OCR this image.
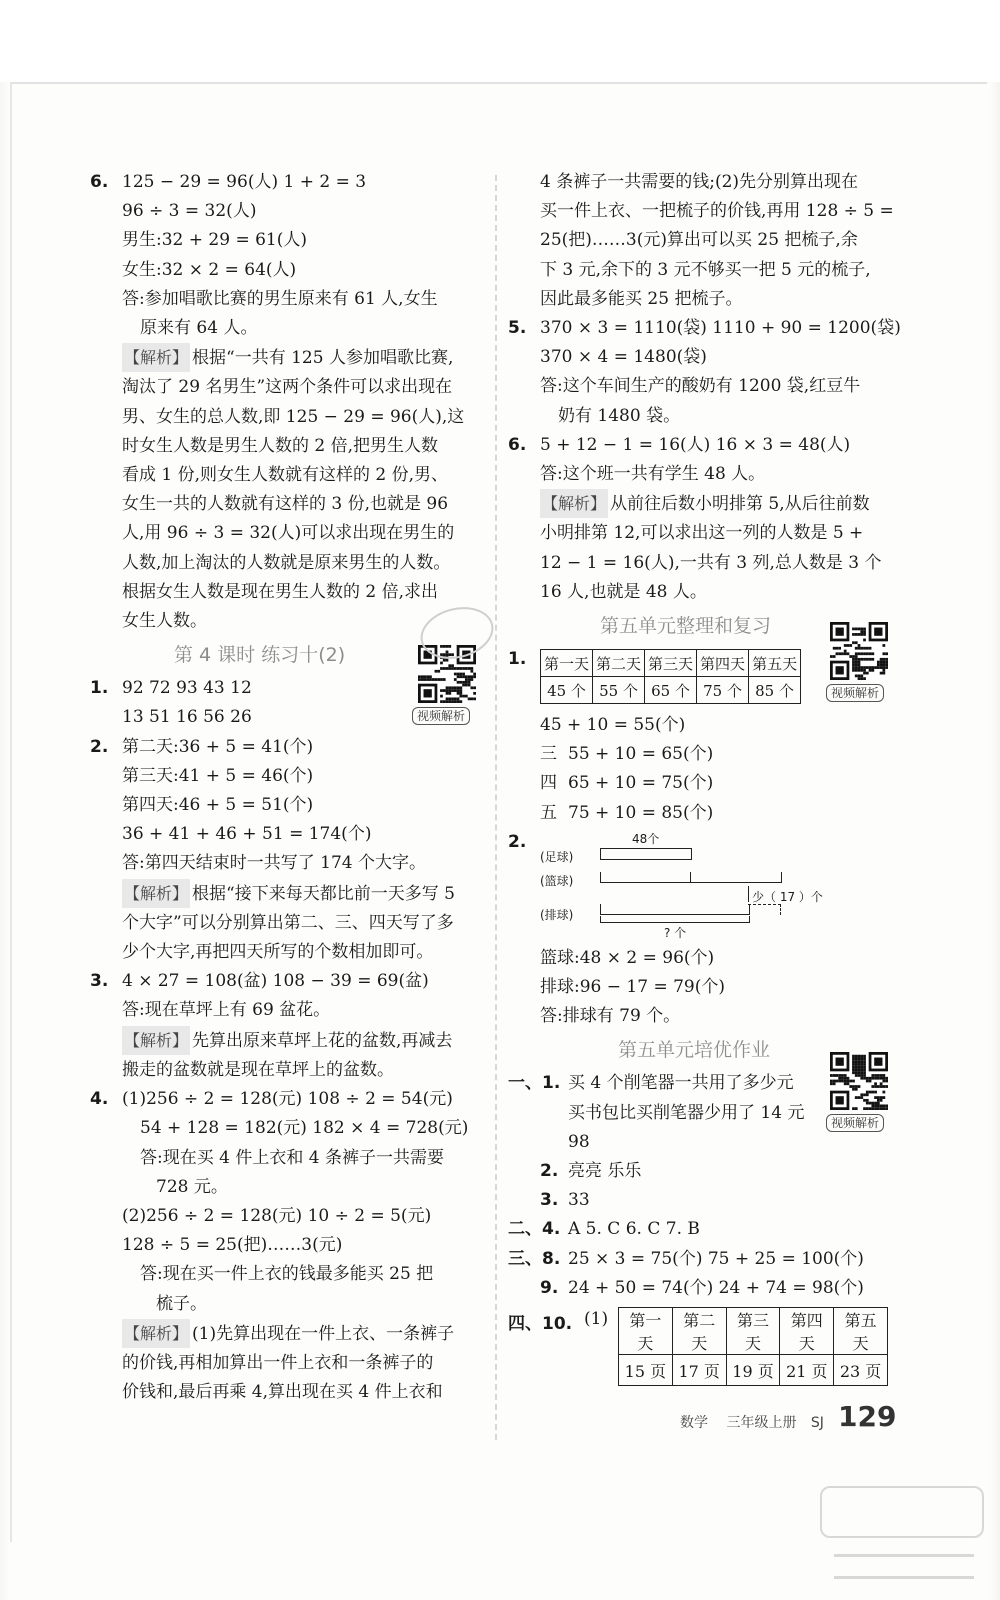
6. 125 − 29 = 96(人) 1 + 2 = 3
96 ÷ 3 = 32(人)
男生:32 + 29 = 61(人)
女生:32 × 2 = 64(人)
答:参加唱歌比赛的男生原来有 61 人,女生
原来有 64 人。
【解析】 根据“一共有 125 人参加唱歌比赛,
淘汰了 29 名男生”这两个条件可以求出现在
男、女生的总人数,即 125 − 29 = 96(人),这
时女生人数是男生人数的 2 倍,把男生人数
看成 1 份,则女生人数就有这样的 2 份,男、
女生一共的人数就有这样的 3 份,也就是 96
人,用 96 ÷ 3 = 32(人)可以求出现在男生的
人数,加上淘汰的人数就是原来男生的人数。
根据女生人数是现在男生人数的 2 倍,求出
女生人数。
第 4 课时 练习十(2)
1. 92 72 93 43 12
13 51 16 56 26
2. 第二天:36 + 5 = 41(个)
第三天:41 + 5 = 46(个)
第四天:46 + 5 = 51(个)
36 + 41 + 46 + 51 = 174(个)
答:第四天结束时一共写了 174 个大字。
【解析】 根据“接下来每天都比前一天多写 5
个大字”可以分别算出第二、三、四天写了多
少个大字,再把四天所写的个数相加即可。
3. 4 × 27 = 108(盆) 108 − 39 = 69(盆)
答:现在草坪上有 69 盆花。
【解析】 先算出原来草坪上花的盆数,再减去
搬走的盆数就是现在草坪上的盆数。
4. (1)256 ÷ 2 = 128(元) 108 ÷ 2 = 54(元)
54 + 128 = 182(元) 182 × 4 = 728(元)
答:现在买 4 件上衣和 4 条裤子一共需要
728 元。
(2)256 ÷ 2 = 128(元) 10 ÷ 2 = 5(元)
128 ÷ 5 = 25(把)……3(元)
答:现在买一件上衣的钱最多能买 25 把
梳子。
【解析】 (1)先算出现在一件上衣、一条裤子
的价钱,再相加算出一件上衣和一条裤子的
价钱和,最后再乘 4,算出现在买 4 件上衣和
视频解析
4 条裤子一共需要的钱;(2)先分别算出现在
买一件上衣、一把梳子的价钱,再用 128 ÷ 5 =
25(把)……3(元)算出可以买 25 把梳子,余
下 3 元,余下的 3 元不够买一把 5 元的梳子,
因此最多能买 25 把梳子。
5. 370 × 3 = 1110(袋) 1110 + 90 = 1200(袋)
370 × 4 = 1480(袋)
答:这个车间生产的酸奶有 1200 袋,红豆牛
奶有 1480 袋。
6. 5 + 12 − 1 = 16(人) 16 × 3 = 48(人)
答:这个班一共有学生 48 人。
【解析】 从前往后数小明排第 5,从后往前数
小明排第 12,可以求出这一列的人数是 5 +
12 − 1 = 16(人),一共有 3 列,总人数是 3 个
16 人,也就是 48 人。
第五单元整理和复习
1.	第一天	第二天	第三天	第四天	第五天
45 个	55 个	65 个	75 个	85 个
45 + 10 = 55(个)
三 55 + 10 = 65(个)
四 65 + 10 = 75(个)
五 75 + 10 = 85(个)
2.	48个
(足球)
(篮球)
(排球)
少（ 17 ）个
? 个
篮球:48 × 2 = 96(个)
排球:96 − 17 = 79(个)
答:排球有 79 个。
第五单元培优作业
一、1. 买 4 个削笔器一共用了多少元
买书包比买削笔器少用了 14 元
98
2. 亮亮 乐乐
3. 33
二、4. A 5. C 6. C 7. B
三、8. 25 × 3 = 75(个) 75 + 25 = 100(个)
9. 24 + 50 = 74(个) 24 + 74 = 98(个)
四、10. (1) 第一天	第二天	第三天	第四天	第五天
15 页	17 页	19 页	21 页	23 页
视频解析
视频解析
数学 三年级上册 SJ 129
